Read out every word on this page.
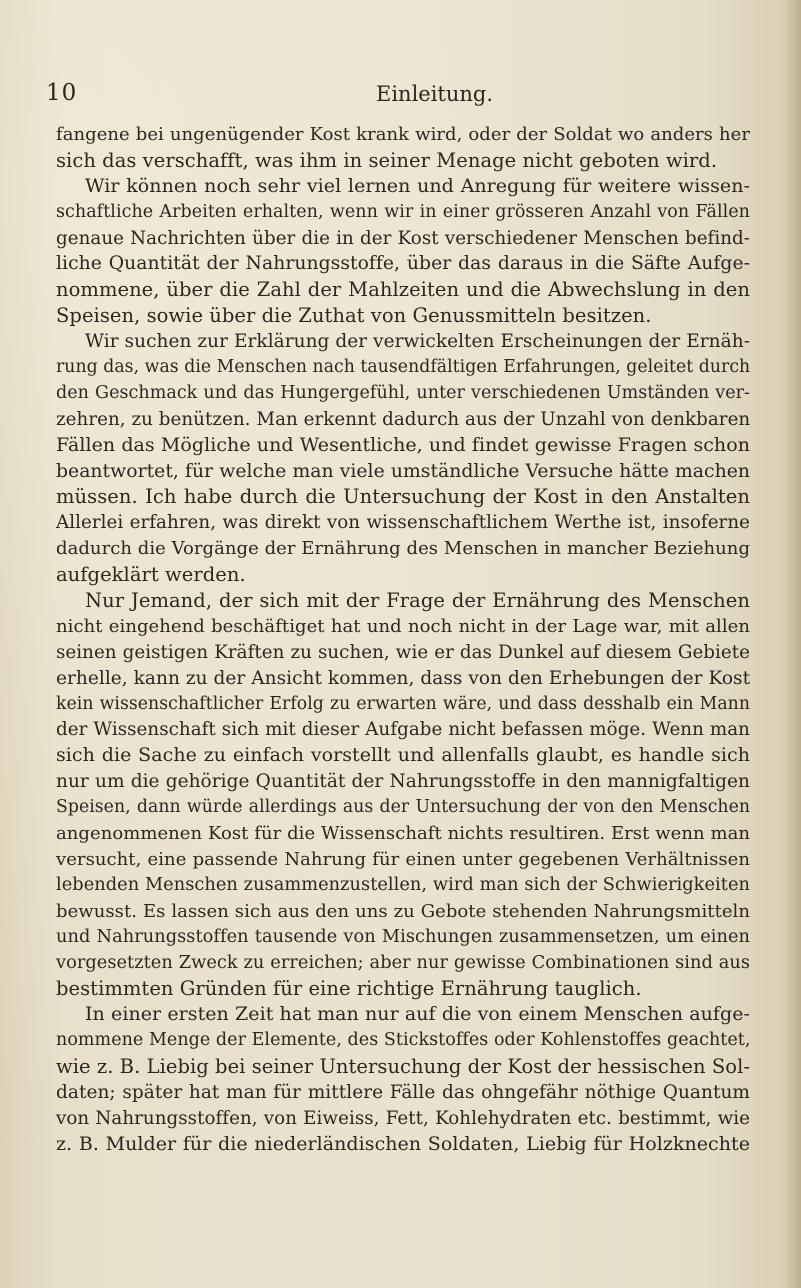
10	Einleitung.
fangene bei ungenügender Kost krank wird, oder der Soldat wo anders her
sich das verschafft, was ihm in seiner Menage nicht geboten wird.
Wir können noch sehr viel lernen und Anregung für weitere wissen-
schaftliche Arbeiten erhalten, wenn wir in einer grösseren Anzahl von Fällen
genaue Nachrichten über die in der Kost verschiedener Menschen befind-
liche Quantität der Nahrungsstoffe, über das daraus in die Säfte Aufge-
nommene, über die Zahl der Mahlzeiten und die Abwechslung in den
Speisen, sowie über die Zuthat von Genussmitteln besitzen.
Wir suchen zur Erklärung der verwickelten Erscheinungen der Ernäh-
rung das, was die Menschen nach tausendfältigen Erfahrungen, geleitet durch
den Geschmack und das Hungergefühl, unter verschiedenen Umständen ver-
zehren, zu benützen. Man erkennt dadurch aus der Unzahl von denkbaren
Fällen das Mögliche und Wesentliche, und findet gewisse Fragen schon
beantwortet, für welche man viele umständliche Versuche hätte machen
müssen. Ich habe durch die Untersuchung der Kost in den Anstalten
Allerlei erfahren, was direkt von wissenschaftlichem Werthe ist, insoferne
dadurch die Vorgänge der Ernährung des Menschen in mancher Beziehung
aufgeklärt werden.
Nur Jemand, der sich mit der Frage der Ernährung des Menschen
nicht eingehend beschäftiget hat und noch nicht in der Lage war, mit allen
seinen geistigen Kräften zu suchen, wie er das Dunkel auf diesem Gebiete
erhelle, kann zu der Ansicht kommen, dass von den Erhebungen der Kost
kein wissenschaftlicher Erfolg zu erwarten wäre, und dass desshalb ein Mann
der Wissenschaft sich mit dieser Aufgabe nicht befassen möge. Wenn man
sich die Sache zu einfach vorstellt und allenfalls glaubt, es handle sich
nur um die gehörige Quantität der Nahrungsstoffe in den mannigfaltigen
Speisen, dann würde allerdings aus der Untersuchung der von den Menschen
angenommenen Kost für die Wissenschaft nichts resultiren. Erst wenn man
versucht, eine passende Nahrung für einen unter gegebenen Verhältnissen
lebenden Menschen zusammenzustellen, wird man sich der Schwierigkeiten
bewusst. Es lassen sich aus den uns zu Gebote stehenden Nahrungsmitteln
und Nahrungsstoffen tausende von Mischungen zusammensetzen, um einen
vorgesetzten Zweck zu erreichen; aber nur gewisse Combinationen sind aus
bestimmten Gründen für eine richtige Ernährung tauglich.
In einer ersten Zeit hat man nur auf die von einem Menschen aufge-
nommene Menge der Elemente, des Stickstoffes oder Kohlenstoffes geachtet,
wie z. B. Liebig bei seiner Untersuchung der Kost der hessischen Sol-
daten; später hat man für mittlere Fälle das ohngefähr nöthige Quantum
von Nahrungsstoffen, von Eiweiss, Fett, Kohlehydraten etc. bestimmt, wie
z. B. Mulder für die niederländischen Soldaten, Liebig für Holzknechte
